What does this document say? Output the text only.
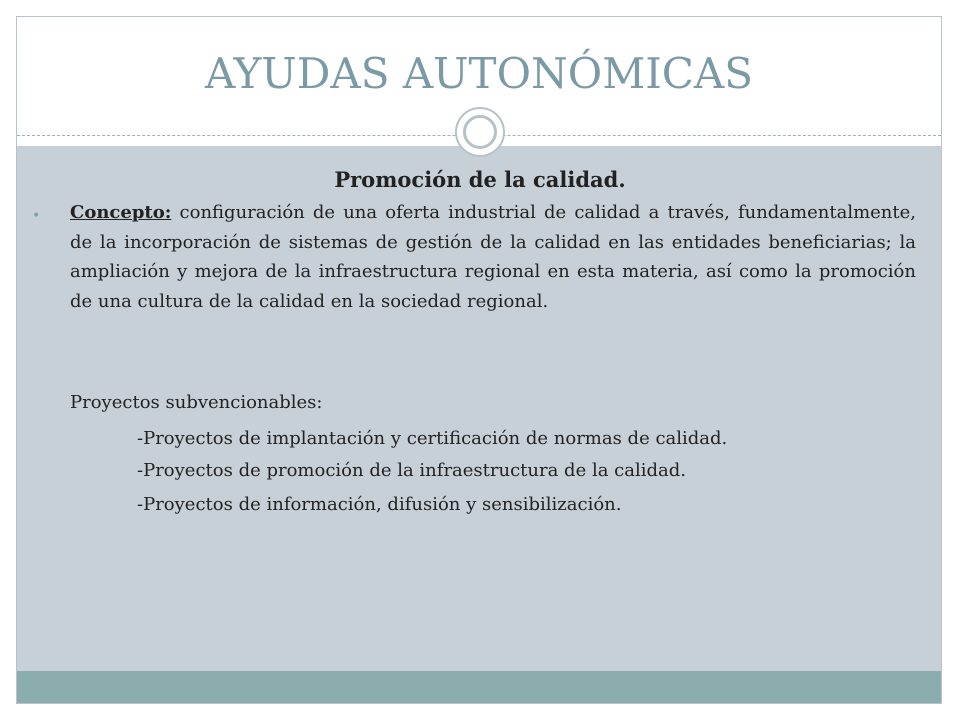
AYUDAS AUTONÓMICAS
Promoción de la calidad.
• Concepto: configuración de una oferta industrial de calidad a través, fundamentalmente, de la incorporación de sistemas de gestión de la calidad en las entidades beneficiarias; la ampliación y mejora de la infraestructura regional en esta materia, así como la promoción de una cultura de la calidad en la sociedad regional.
Proyectos subvencionables:
-Proyectos de implantación y certificación de normas de calidad.
-Proyectos de promoción de la infraestructura de la calidad.
-Proyectos de información, difusión y sensibilización.
